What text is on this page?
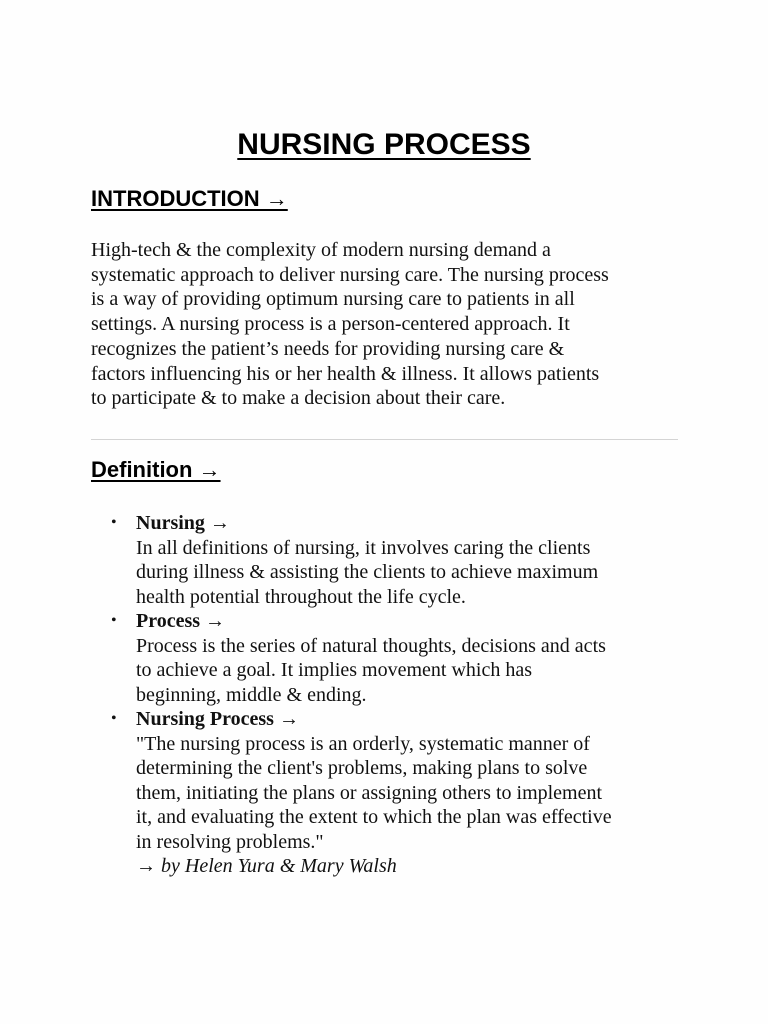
NURSING PROCESS
INTRODUCTION →

High-tech & the complexity of modern nursing demand a
systematic approach to deliver nursing care. The nursing process
is a way of providing optimum nursing care to patients in all
settings. A nursing process is a person-centered approach. It
recognizes the patient’s needs for providing nursing care &
factors influencing his or her health & illness. It allows patients
to participate & to make a decision about their care.

Definition →
• Nursing →
In all definitions of nursing, it involves caring the clients
during illness & assisting the clients to achieve maximum
health potential throughout the life cycle.
• Process →
Process is the series of natural thoughts, decisions and acts
to achieve a goal. It implies movement which has
beginning, middle & ending.
• Nursing Process →
"The nursing process is an orderly, systematic manner of
determining the client's problems, making plans to solve
them, initiating the plans or assigning others to implement
it, and evaluating the extent to which the plan was effective
in resolving problems."
→ by Helen Yura & Mary Walsh
